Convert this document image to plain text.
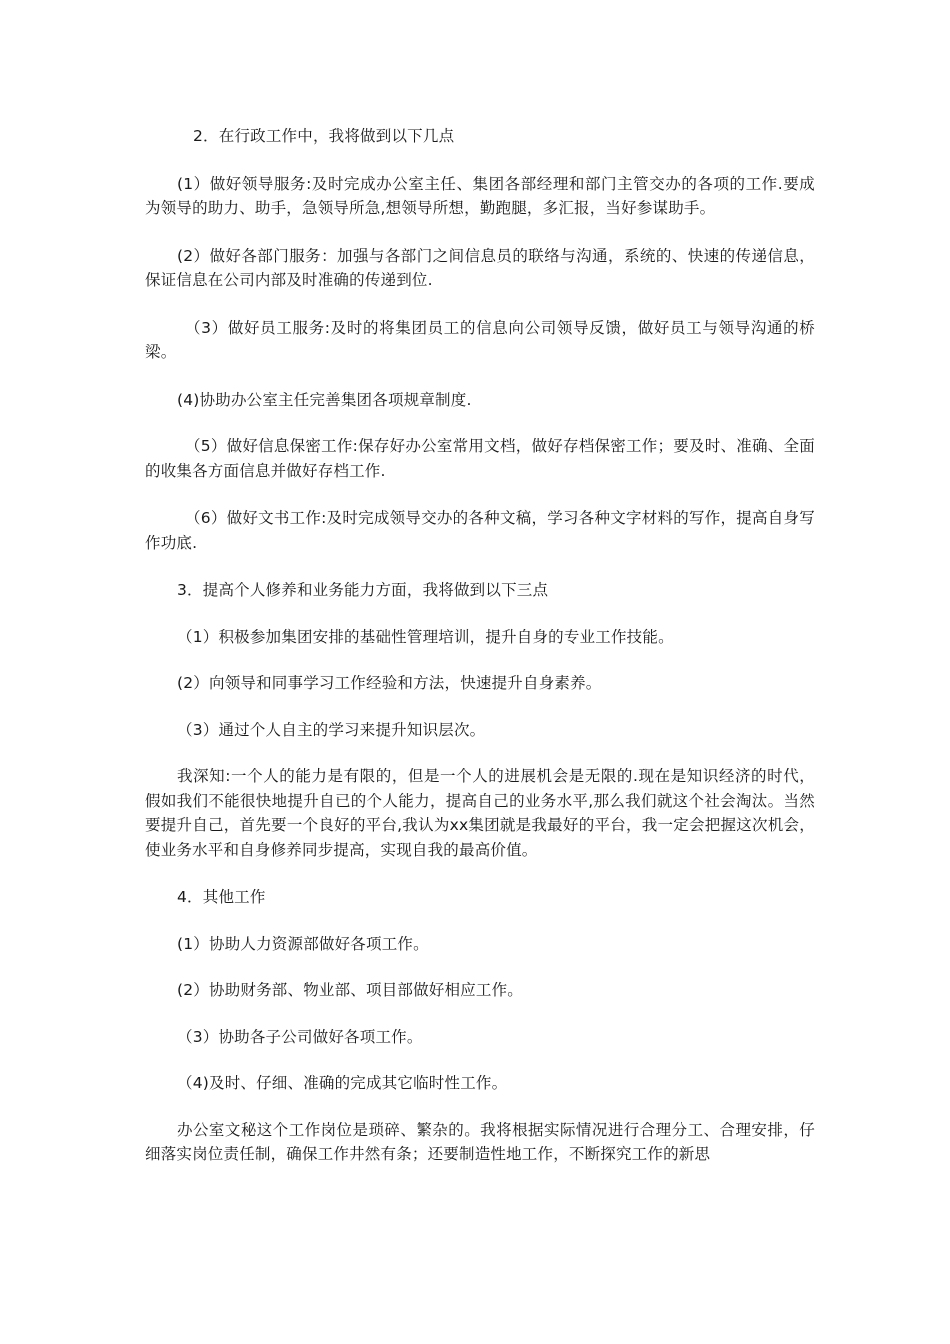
2．在行政工作中，我将做到以下几点

(1）做好领导服务:及时完成办公室主任、集团各部经理和部门主管交办的各项的工作.要成为领导的助力、助手，急领导所急,想领导所想，勤跑腿，多汇报，当好参谋助手。

(2）做好各部门服务：加强与各部门之间信息员的联络与沟通，系统的、快速的传递信息，保证信息在公司内部及时准确的传递到位.

（3）做好员工服务:及时的将集团员工的信息向公司领导反馈，做好员工与领导沟通的桥梁。

(4)协助办公室主任完善集团各项规章制度.

（5）做好信息保密工作:保存好办公室常用文档，做好存档保密工作；要及时、准确、全面的收集各方面信息并做好存档工作.

（6）做好文书工作:及时完成领导交办的各种文稿，学习各种文字材料的写作，提高自身写作功底.

3．提高个人修养和业务能力方面，我将做到以下三点

（1）积极参加集团安排的基础性管理培训，提升自身的专业工作技能。

(2）向领导和同事学习工作经验和方法，快速提升自身素养。

（3）通过个人自主的学习来提升知识层次。

我深知:一个人的能力是有限的，但是一个人的进展机会是无限的.现在是知识经济的时代，假如我们不能很快地提升自已的个人能力，提高自己的业务水平,那么我们就这个社会淘汰。当然要提升自己，首先要一个良好的平台,我认为xx集团就是我最好的平台，我一定会把握这次机会，使业务水平和自身修养同步提高，实现自我的最高价值。

4．其他工作

(1）协助人力资源部做好各项工作。

(2）协助财务部、物业部、项目部做好相应工作。

（3）协助各子公司做好各项工作。

（4)及时、仔细、准确的完成其它临时性工作。

办公室文秘这个工作岗位是琐碎、繁杂的。我将根据实际情况进行合理分工、合理安排，仔细落实岗位责任制，确保工作井然有条；还要制造性地工作，不断探究工作的新思
